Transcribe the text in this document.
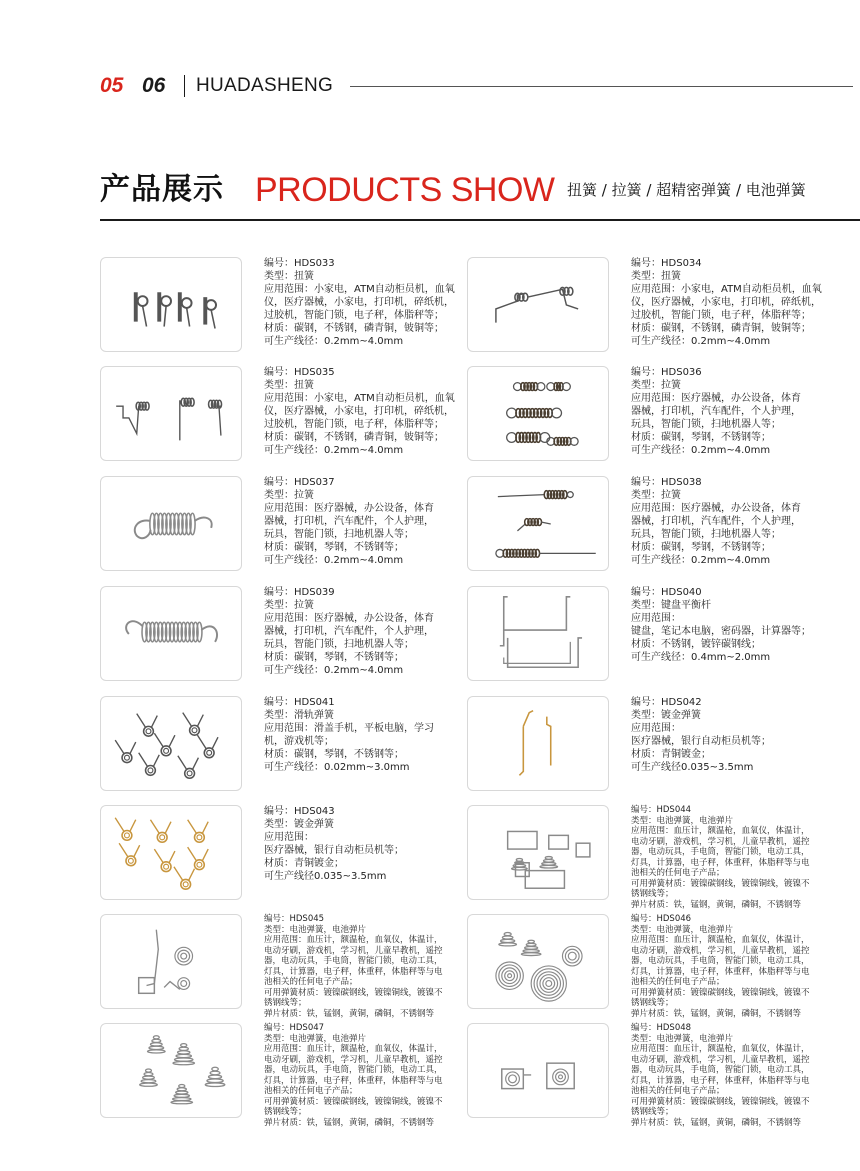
05 06 HUADASHENG
产品展示 PRODUCTS SHOW 扭簧 / 拉簧 / 超精密弹簧 / 电池弹簧
编号：HDS033
类型：扭簧
应用范围：小家电，ATM自动柜员机，血氧
仪，医疗器械，小家电，打印机，碎纸机，
过胶机，智能门锁，电子秤，体脂秤等；
材质：碳钢，不锈钢，磷青铜，铍铜等；
可生产线径：0.2mm~4.0mm
编号：HDS034
类型：扭簧
应用范围：小家电，ATM自动柜员机，血氧
仪，医疗器械，小家电，打印机，碎纸机，
过胶机，智能门锁，电子秤，体脂秤等；
材质：碳钢，不锈钢，磷青铜，铍铜等；
可生产线径：0.2mm~4.0mm
编号：HDS035
类型：扭簧
应用范围：小家电，ATM自动柜员机，血氧
仪，医疗器械，小家电，打印机，碎纸机，
过胶机，智能门锁，电子秤，体脂秤等；
材质：碳钢，不锈钢，磷青铜，铍铜等；
可生产线径：0.2mm~4.0mm
编号：HDS036
类型：拉簧
应用范围：医疗器械，办公设备，体育
器械，打印机，汽车配件，个人护理，
玩具，智能门锁，扫地机器人等；
材质：碳钢，琴钢，不锈钢等；
可生产线径：0.2mm~4.0mm
编号：HDS037
类型：拉簧
应用范围：医疗器械，办公设备，体育
器械，打印机，汽车配件，个人护理，
玩具，智能门锁，扫地机器人等；
材质：碳钢，琴钢，不锈钢等；
可生产线径：0.2mm~4.0mm
编号：HDS038
类型：拉簧
应用范围：医疗器械，办公设备，体育
器械，打印机，汽车配件，个人护理，
玩具，智能门锁，扫地机器人等；
材质：碳钢，琴钢，不锈钢等；
可生产线径：0.2mm~4.0mm
编号：HDS039
类型：拉簧
应用范围：医疗器械，办公设备，体育
器械，打印机，汽车配件，个人护理，
玩具，智能门锁，扫地机器人等；
材质：碳钢，琴钢，不锈钢等；
可生产线径：0.2mm~4.0mm
编号：HDS040
类型：键盘平衡杆
应用范围：
键盘，笔记本电脑，密码器，计算器等；
材质：不锈钢，镀锌碳钢线；
可生产线径：0.4mm~2.0mm
编号：HDS041
类型：滑轨弹簧
应用范围：滑盖手机，平板电脑，学习
机，游戏机等；
材质：碳钢，琴钢，不锈钢等；
可生产线径：0.02mm~3.0mm
编号：HDS042
类型：镀金弹簧
应用范围：
医疗器械，银行自动柜员机等；
材质：青铜镀金；
可生产线径0.035~3.5mm
编号：HDS043
类型：镀金弹簧
应用范围：
医疗器械，银行自动柜员机等；
材质：青铜镀金；
可生产线径0.035~3.5mm
编号：HDS044
类型：电池弹簧，电池弹片
应用范围：血压计，额温枪，血氧仪，体温计，
电动牙刷，游戏机，学习机，儿童早教机，遥控
器，电动玩具，手电筒，智能门锁，电动工具，
灯具，计算器，电子秤，体重秤，体脂秤等与电
池相关的任何电子产品；
可用弹簧材质：镀镍碳钢线，镀镍铜线，镀镍不
锈钢线等；
弹片材质：铁，锰钢，黄铜，磷铜，不锈钢等
编号：HDS045
类型：电池弹簧，电池弹片
应用范围：血压计，额温枪，血氧仪，体温计，
电动牙刷，游戏机，学习机，儿童早教机，遥控
器，电动玩具，手电筒，智能门锁，电动工具，
灯具，计算器，电子秤，体重秤，体脂秤等与电
池相关的任何电子产品；
可用弹簧材质：镀镍碳钢线，镀镍铜线，镀镍不
锈钢线等；
弹片材质：铁，锰钢，黄铜，磷铜，不锈钢等
编号：HDS046
类型：电池弹簧，电池弹片
应用范围：血压计，额温枪，血氧仪，体温计，
电动牙刷，游戏机，学习机，儿童早教机，遥控
器，电动玩具，手电筒，智能门锁，电动工具，
灯具，计算器，电子秤，体重秤，体脂秤等与电
池相关的任何电子产品；
可用弹簧材质：镀镍碳钢线，镀镍铜线，镀镍不
锈钢线等；
弹片材质：铁，锰钢，黄铜，磷铜，不锈钢等
编号：HDS047
类型：电池弹簧，电池弹片
应用范围：血压计，额温枪，血氧仪，体温计，
电动牙刷，游戏机，学习机，儿童早教机，遥控
器，电动玩具，手电筒，智能门锁，电动工具，
灯具，计算器，电子秤，体重秤，体脂秤等与电
池相关的任何电子产品；
可用弹簧材质：镀镍碳钢线，镀镍铜线，镀镍不
锈钢线等；
弹片材质：铁，锰钢，黄铜，磷铜，不锈钢等
编号：HDS048
类型：电池弹簧，电池弹片
应用范围：血压计，额温枪，血氧仪，体温计，
电动牙刷，游戏机，学习机，儿童早教机，遥控
器，电动玩具，手电筒，智能门锁，电动工具，
灯具，计算器，电子秤，体重秤，体脂秤等与电
池相关的任何电子产品；
可用弹簧材质：镀镍碳钢线，镀镍铜线，镀镍不
锈钢线等；
弹片材质：铁，锰钢，黄铜，磷铜，不锈钢等
